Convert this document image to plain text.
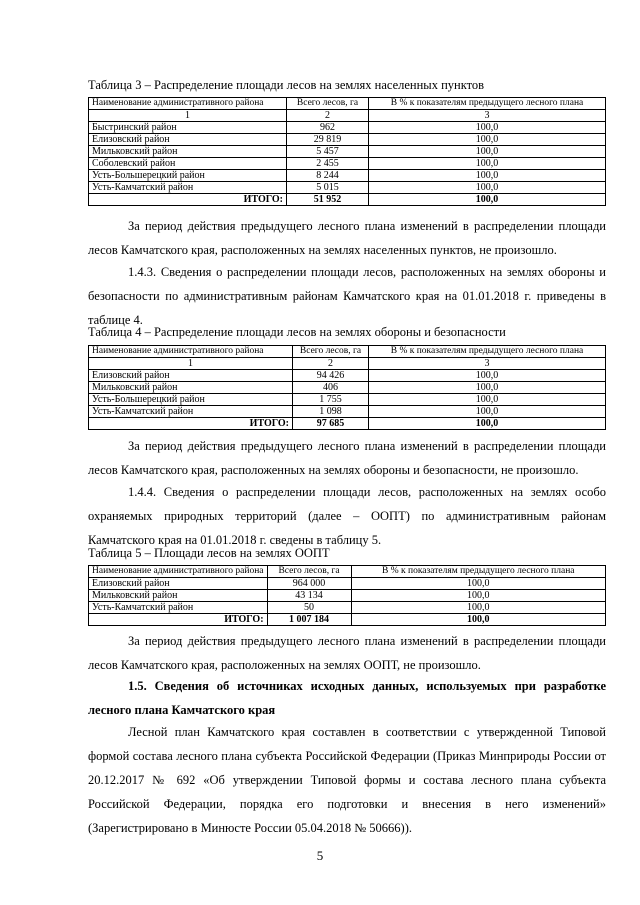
Таблица 3 – Распределение площади лесов на землях населенных пунктов
Наименование административного района	Всего лесов, га	В % к показателям предыдущего лесного плана
1	2	3
Быстринский район	962	100,0
Елизовский район	29 819	100,0
Мильковский район	5 457	100,0
Соболевский район	2 455	100,0
Усть-Большерецкий район	8 244	100,0
Усть-Камчатский район	5 015	100,0
ИТОГО:	51 952	100,0

За период действия предыдущего лесного плана изменений в распределении площади лесов Камчатского края, расположенных на землях населенных пунктов, не произошло.

1.4.3. Сведения о распределении площади лесов, расположенных на землях обороны и безопасности по административным районам Камчатского края на 01.01.2018 г. приведены в таблице 4.

Таблица 4 – Распределение площади лесов на землях обороны и безопасности
Наименование административного района	Всего лесов, га	В % к показателям предыдущего лесного плана
1	2	3
Елизовский район	94 426	100,0
Мильковский район	406	100,0
Усть-Большерецкий район	1 755	100,0
Усть-Камчатский район	1 098	100,0
ИТОГО:	97 685	100,0

За период действия предыдущего лесного плана изменений в распределении площади лесов Камчатского края, расположенных на землях обороны и безопасности, не произошло.

1.4.4. Сведения о распределении площади лесов, расположенных на землях особо охраняемых природных территорий (далее – ООПТ) по административным районам Камчатского края на 01.01.2018 г. сведены в таблицу 5.

Таблица 5 – Площади лесов на землях ООПТ
Наименование административного района	Всего лесов, га	В % к показателям предыдущего лесного плана
Елизовский район	964 000	100,0
Мильковский район	43 134	100,0
Усть-Камчатский район	50	100,0
ИТОГО:	1 007 184	100,0

За период действия предыдущего лесного плана изменений в распределении площади лесов Камчатского края, расположенных на землях ООПТ, не произошло.

1.5. Сведения об источниках исходных данных, используемых при разработке лесного плана Камчатского края

Лесной план Камчатского края составлен в соответствии с утвержденной Типовой формой состава лесного плана субъекта Российской Федерации (Приказ Минприроды России от 20.12.2017 № 692 «Об утверждении Типовой формы и состава лесного плана субъекта Российской Федерации, порядка его подготовки и внесения в него изменений» (Зарегистрировано в Минюсте России 05.04.2018 № 50666)).

5
